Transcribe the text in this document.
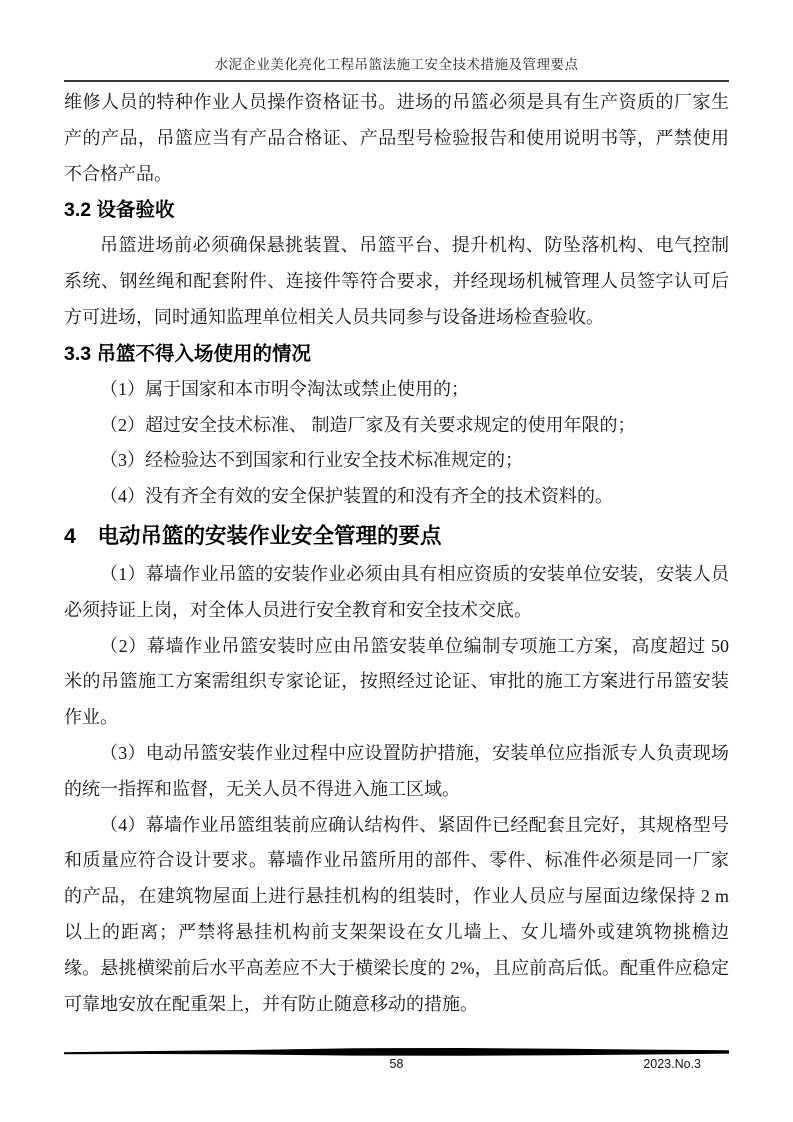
水泥企业美化亮化工程吊篮法施工安全技术措施及管理要点

维修人员的特种作业人员操作资格证书。进场的吊篮必须是具有生产资质的厂家生产的产品，吊篮应当有产品合格证、产品型号检验报告和使用说明书等，严禁使用不合格产品。

3.2 设备验收

吊篮进场前必须确保悬挑装置、吊篮平台、提升机构、防坠落机构、电气控制系统、钢丝绳和配套附件、连接件等符合要求，并经现场机械管理人员签字认可后方可进场，同时通知监理单位相关人员共同参与设备进场检查验收。

3.3 吊篮不得入场使用的情况

（1）属于国家和本市明令淘汰或禁止使用的；

（2）超过安全技术标准、 制造厂家及有关要求规定的使用年限的；

（3）经检验达不到国家和行业安全技术标准规定的；

（4）没有齐全有效的安全保护装置的和没有齐全的技术资料的。

4　电动吊篮的安装作业安全管理的要点

（1）幕墙作业吊篮的安装作业必须由具有相应资质的安装单位安装，安装人员必须持证上岗，对全体人员进行安全教育和安全技术交底。

（2）幕墙作业吊篮安装时应由吊篮安装单位编制专项施工方案，高度超过 50 米的吊篮施工方案需组织专家论证，按照经过论证、审批的施工方案进行吊篮安装作业。

（3）电动吊篮安装作业过程中应设置防护措施，安装单位应指派专人负责现场的统一指挥和监督，无关人员不得进入施工区域。

（4）幕墙作业吊篮组装前应确认结构件、紧固件已经配套且完好，其规格型号和质量应符合设计要求。幕墙作业吊篮所用的部件、零件、标准件必须是同一厂家的产品，在建筑物屋面上进行悬挂机构的组装时，作业人员应与屋面边缘保持 2 m 以上的距离；严禁将悬挂机构前支架架设在女儿墙上、女儿墙外或建筑物挑檐边缘。悬挑横梁前后水平高差应不大于横梁长度的 2%，且应前高后低。配重件应稳定可靠地安放在配重架上，并有防止随意移动的措施。

58	2023.No.3
